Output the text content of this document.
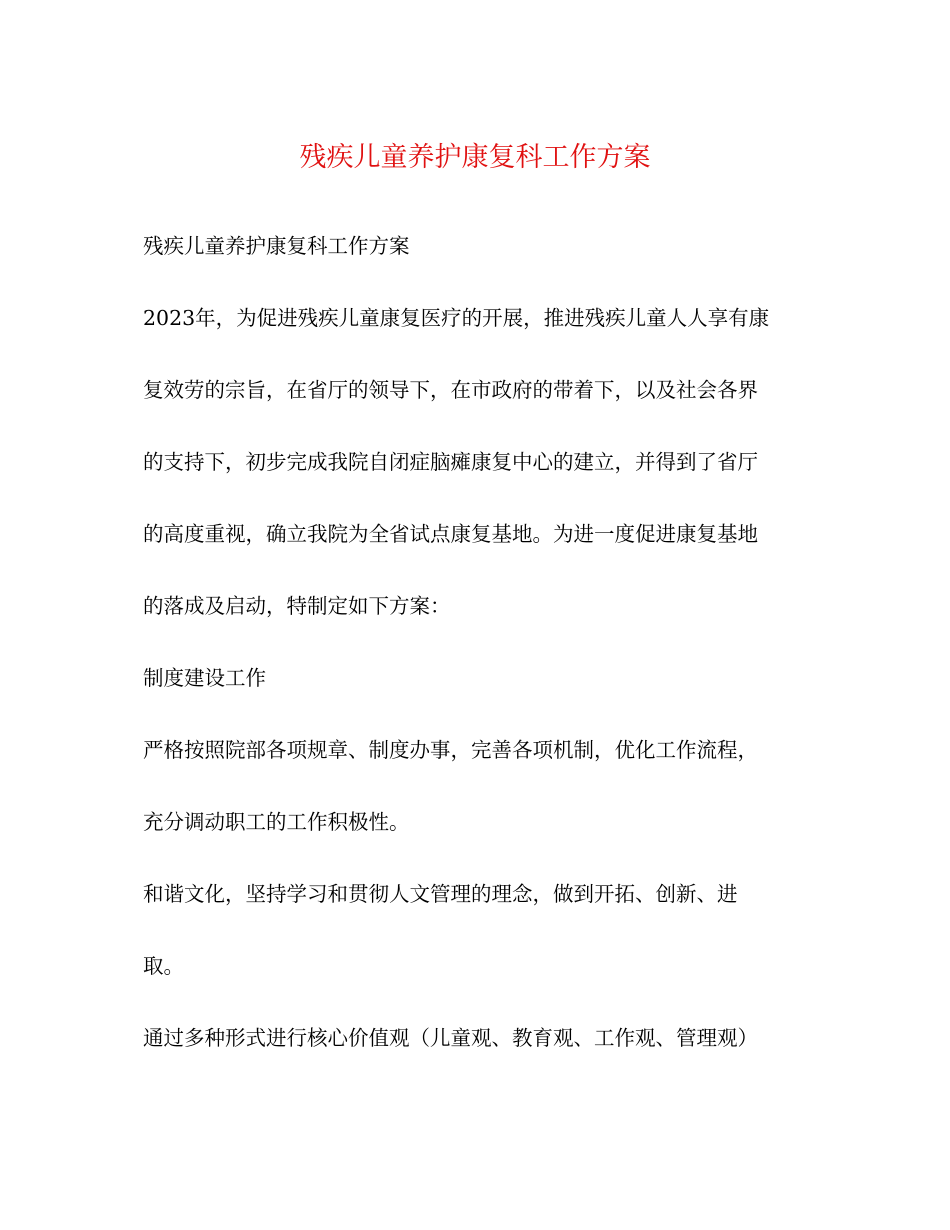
残疾儿童养护康复科工作方案

残疾儿童养护康复科工作方案

2023年，为促进残疾儿童康复医疗的开展，推进残疾儿童人人享有康

复效劳的宗旨，在省厅的领导下，在市政府的带着下，以及社会各界

的支持下，初步完成我院自闭症脑瘫康复中心的建立，并得到了省厅

的高度重视，确立我院为全省试点康复基地。为进一度促进康复基地

的落成及启动，特制定如下方案：

制度建设工作

严格按照院部各项规章、制度办事，完善各项机制，优化工作流程，

充分调动职工的工作积极性。

和谐文化，坚持学习和贯彻人文管理的理念，做到开拓、创新、进

取。

通过多种形式进行核心价值观（儿童观、教育观、工作观、管理观）
